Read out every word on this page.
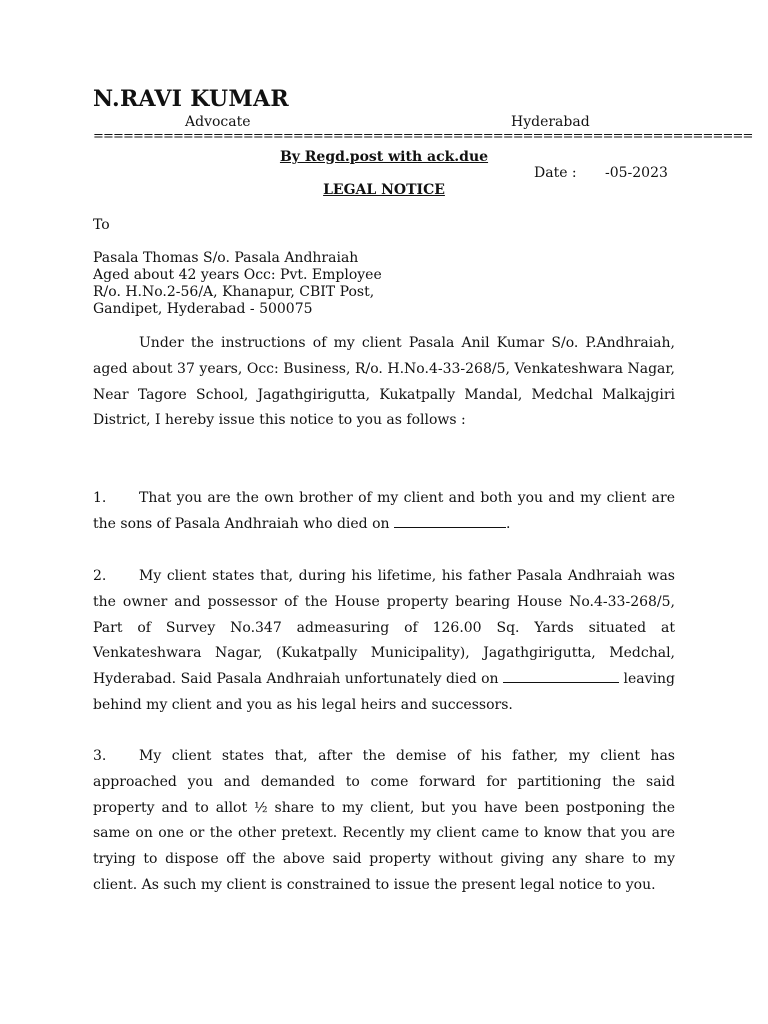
N.RAVI KUMAR
Advocate	Hyderabad
==================================================================
By Regd.post with ack.due
Date : -05-2023
LEGAL NOTICE
To
Pasala Thomas S/o. Pasala Andhraiah
Aged about 42 years Occ: Pvt. Employee
R/o. H.No.2-56/A, Khanapur, CBIT Post,
Gandipet, Hyderabad - 500075
Under the instructions of my client Pasala Anil Kumar S/o. P.Andhraiah, aged about 37 years, Occ: Business, R/o. H.No.4-33-268/5, Venkateshwara Nagar, Near Tagore School, Jagathgirigutta, Kukatpally Mandal, Medchal Malkajgiri District, I hereby issue this notice to you as follows :
1. That you are the own brother of my client and both you and my client are the sons of Pasala Andhraiah who died on	.
2. My client states that, during his lifetime, his father Pasala Andhraiah was the owner and possessor of the House property bearing House No.4-33-268/5, Part of Survey No.347 admeasuring of 126.00 Sq. Yards situated at Venkateshwara Nagar, (Kukatpally Municipality), Jagathgirigutta, Medchal, Hyderabad. Said Pasala Andhraiah unfortunately died on	leaving behind my client and you as his legal heirs and successors.
3. My client states that, after the demise of his father, my client has approached you and demanded to come forward for partitioning the said property and to allot ½ share to my client, but you have been postponing the same on one or the other pretext. Recently my client came to know that you are trying to dispose off the above said property without giving any share to my client. As such my client is constrained to issue the present legal notice to you.
